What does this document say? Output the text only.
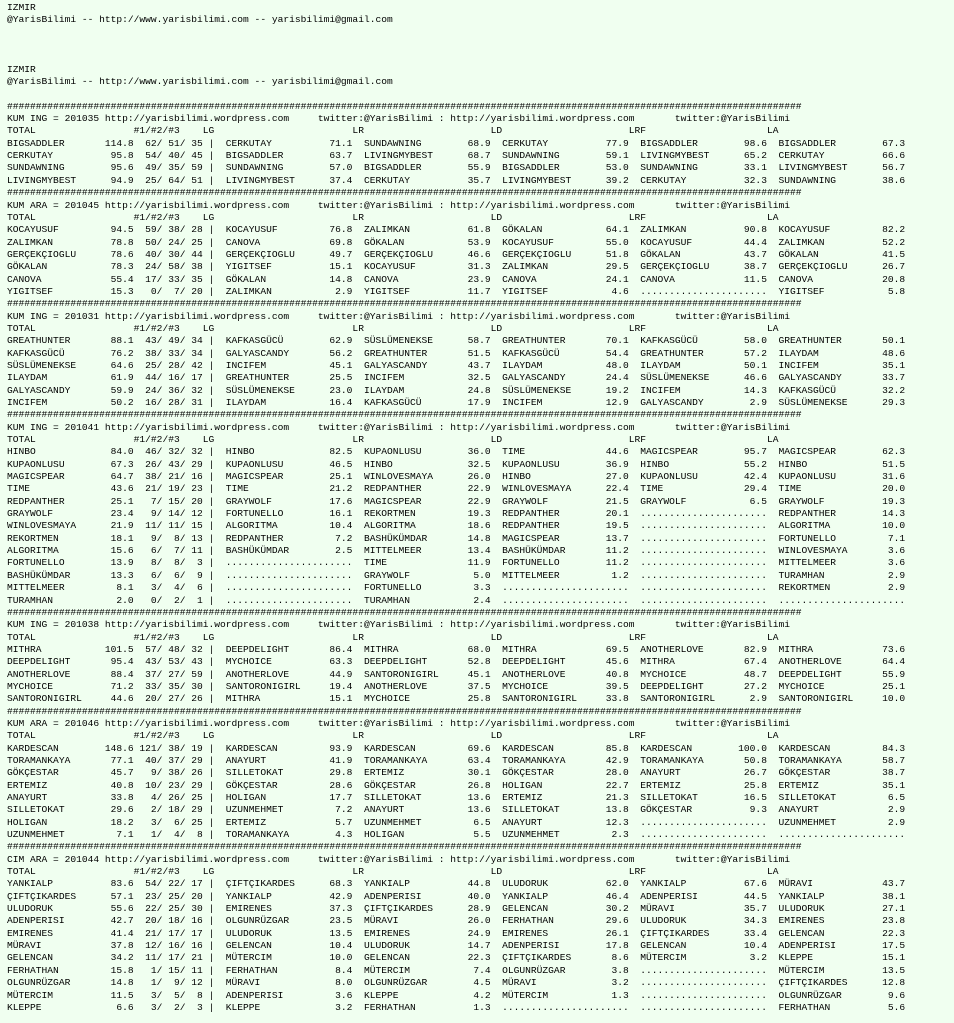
IZMIR
@YarisBilimi -- http://www.yarisbilimi.com -- yarisbilimi@gmail.com

IZMIR
@YarisBilimi -- http://www.yarisbilimi.com -- yarisbilimi@gmail.com

##########################################################################################################################################
KUM ING = 201035 http://yarisbilimi.wordpress.com     twitter:@YarisBilimi : http://yarisbilimi.wordpress.com       twitter:@YarisBilimi
TOTAL                 #1/#2/#3    LG                        LR                      LD                      LRF                     LA
BIGSADDLER       114.8  62/ 51/ 35 |  CERKUTAY          71.1  SUNDAWNING        68.9  CERKUTAY          77.9  BIGSADDLER        98.6  BIGSADDLER        67.3
CERKUTAY          95.8  54/ 40/ 45 |  BIGSADDLER        63.7  LIVINGMYBEST      68.7  SUNDAWNING        59.1  LIVINGMYBEST      65.2  CERKUTAY          66.6
SUNDAWNING        95.6  49/ 35/ 59 |  SUNDAWNING        57.0  BIGSADDLER        55.9  BIGSADDLER        53.0  SUNDAWNING        33.1  LIVINGMYBEST      56.7
LIVINGMYBEST      94.9  25/ 64/ 51 |  LIVINGMYBEST      37.4  CERKUTAY          35.7  LIVINGMYBEST      39.2  CERKUTAY          32.3  SUNDAWNING        38.6
##########################################################################################################################################
KUM ARA = 201045 http://yarisbilimi.wordpress.com     twitter:@YarisBilimi : http://yarisbilimi.wordpress.com       twitter:@YarisBilimi
TOTAL                 #1/#2/#3    LG                        LR                      LD                      LRF                     LA
KOCAYUSUF         94.5  59/ 38/ 28 |  KOCAYUSUF         76.8  ZALIMKAN          61.8  GÖKALAN           64.1  ZALIMKAN          90.8  KOCAYUSUF         82.2
ZALIMKAN          78.8  50/ 24/ 25 |  CANOVA            69.8  GÖKALAN           53.9  KOCAYUSUF         55.0  KOCAYUSUF         44.4  ZALIMKAN          52.2
GERÇEKÇIOGLU      78.6  40/ 30/ 44 |  GERÇEKÇIOGLU      49.7  GERÇEKÇIOGLU      46.6  GERÇEKÇIOGLU      51.8  GÖKALAN           43.7  GÖKALAN           41.5
GÖKALAN           78.3  24/ 58/ 38 |  YIGITSEF          15.1  KOCAYUSUF         31.3  ZALIMKAN          29.5  GERÇEKÇIOGLU      38.7  GERÇEKÇIOGLU      26.7
CANOVA            55.4  17/ 33/ 35 |  GÖKALAN           14.8  CANOVA            23.9  CANOVA            24.1  CANOVA            11.5  CANOVA            20.8
YIGITSEF          15.3   0/  7/ 20 |  ZALIMKAN           2.9  YIGITSEF          11.7  YIGITSEF           4.6  ......................  YIGITSEF           5.8
##########################################################################################################################################
KUM ING = 201031 http://yarisbilimi.wordpress.com     twitter:@YarisBilimi : http://yarisbilimi.wordpress.com       twitter:@YarisBilimi
TOTAL                 #1/#2/#3    LG                        LR                      LD                      LRF                     LA
GREATHUNTER       88.1  43/ 49/ 34 |  KAFKASGÜCÜ        62.9  SÜSLÜMENEKSE      58.7  GREATHUNTER       70.1  KAFKASGÜCÜ        58.0  GREATHUNTER       50.1
KAFKASGÜCÜ        76.2  38/ 33/ 34 |  GALYASCANDY       56.2  GREATHUNTER       51.5  KAFKASGÜCÜ        54.4  GREATHUNTER       57.2  ILAYDAM           48.6
SÜSLÜMENEKSE      64.6  25/ 28/ 42 |  INCIFEM           45.1  GALYASCANDY       43.7  ILAYDAM           48.0  ILAYDAM           50.1  INCIFEM           35.1
ILAYDAM           61.9  44/ 16/ 17 |  GREATHUNTER       25.5  INCIFEM           32.5  GALYASCANDY       24.4  SÜSLÜMENEKSE      46.6  GALYASCANDY       33.7
GALYASCANDY       59.9  24/ 36/ 32 |  SÜSLÜMENEKSE      23.0  ILAYDAM           24.8  SÜSLÜMENEKSE      19.2  INCIFEM           14.3  KAFKASGÜCÜ        32.2
INCIFEM           50.2  16/ 28/ 31 |  ILAYDAM           16.4  KAFKASGÜCÜ        17.9  INCIFEM           12.9  GALYASCANDY        2.9  SÜSLÜMENEKSE      29.3
##########################################################################################################################################
KUM ING = 201041 http://yarisbilimi.wordpress.com     twitter:@YarisBilimi : http://yarisbilimi.wordpress.com       twitter:@YarisBilimi
TOTAL                 #1/#2/#3    LG                        LR                      LD                      LRF                     LA
HINBO             84.0  46/ 32/ 32 |  HINBO             82.5  KUPAONLUSU        36.0  TIME              44.6  MAGICSPEAR        95.7  MAGICSPEAR        62.3
KUPAONLUSU        67.3  26/ 43/ 29 |  KUPAONLUSU        46.5  HINBO             32.5  KUPAONLUSU        36.9  HINBO             55.2  HINBO             51.5
MAGICSPEAR        64.7  38/ 21/ 16 |  MAGICSPEAR        25.1  WINLOVESMAYA      26.0  HINBO             27.0  KUPAONLUSU        42.4  KUPAONLUSU        31.6
TIME              43.6  21/ 19/ 23 |  TIME              21.2  REDPANTHER        22.9  WINLOVESMAYA      22.4  TIME              29.4  TIME              20.0
REDPANTHER        25.1   7/ 15/ 20 |  GRAYWOLF          17.6  MAGICSPEAR        22.9  GRAYWOLF          21.5  GRAYWOLF           6.5  GRAYWOLF          19.3
GRAYWOLF          23.4   9/ 14/ 12 |  FORTUNELLO        16.1  REKORTMEN         19.3  REDPANTHER        20.1  ......................  REDPANTHER        14.3
WINLOVESMAYA      21.9  11/ 11/ 15 |  ALGORITMA         10.4  ALGORITMA         18.6  REDPANTHER        19.5  ......................  ALGORITMA         10.0
REKORTMEN         18.1   9/  8/ 13 |  REDPANTHER         7.2  BASHÜKÜMDAR       14.8  MAGICSPEAR        13.7  ......................  FORTUNELLO         7.1
ALGORITMA         15.6   6/  7/ 11 |  BASHÜKÜMDAR        2.5  MITTELMEER        13.4  BASHÜKÜMDAR       11.2  ......................  WINLOVESMAYA       3.6
FORTUNELLO        13.9   8/  8/  3 |  ......................  TIME              11.9  FORTUNELLO        11.2  ......................  MITTELMEER         3.6
BASHÜKÜMDAR       13.3   6/  6/  9 |  ......................  GRAYWOLF           5.0  MITTELMEER         1.2  ......................  TURAMHAN           2.9
MITTELMEER         8.1   3/  4/  6 |  ......................  FORTUNELLO         3.3  ......................  ......................  REKORTMEN          2.9
TURAMHAN           2.0   0/  2/  1 |  ......................  TURAMHAN           2.4  ......................  ......................  ......................
##########################################################################################################################################
KUM ING = 201038 http://yarisbilimi.wordpress.com     twitter:@YarisBilimi : http://yarisbilimi.wordpress.com       twitter:@YarisBilimi
TOTAL                 #1/#2/#3    LG                        LR                      LD                      LRF                     LA
MITHRA           101.5  57/ 48/ 32 |  DEEPDELIGHT       86.4  MITHRA            68.0  MITHRA            69.5  ANOTHERLOVE       82.9  MITHRA            73.6
DEEPDELIGHT       95.4  43/ 53/ 43 |  MYCHOICE          63.3  DEEPDELIGHT       52.8  DEEPDELIGHT       45.6  MITHRA            67.4  ANOTHERLOVE       64.4
ANOTHERLOVE       88.4  37/ 27/ 59 |  ANOTHERLOVE       44.9  SANTORONIGIRL     45.1  ANOTHERLOVE       40.8  MYCHOICE          48.7  DEEPDELIGHT       55.9
MYCHOICE          71.2  33/ 35/ 30 |  SANTORONIGIRL     19.4  ANOTHERLOVE       37.5  MYCHOICE          39.5  DEEPDELIGHT       27.2  MYCHOICE          25.1
SANTORONIGIRL     44.6  20/ 27/ 26 |  MITHRA            15.1  MYCHOICE          25.8  SANTORONIGIRL     33.8  SANTORONIGIRL      2.9  SANTORONIGIRL     10.0
##########################################################################################################################################
KUM ARA = 201046 http://yarisbilimi.wordpress.com     twitter:@YarisBilimi : http://yarisbilimi.wordpress.com       twitter:@YarisBilimi
TOTAL                 #1/#2/#3    LG                        LR                      LD                      LRF                     LA
KARDESCAN        148.6 121/ 38/ 19 |  KARDESCAN         93.9  KARDESCAN         69.6  KARDESCAN         85.8  KARDESCAN        100.0  KARDESCAN         84.3
TORAMANKAYA       77.1  40/ 37/ 29 |  ANAYURT           41.9  TORAMANKAYA       63.4  TORAMANKAYA       42.9  TORAMANKAYA       50.8  TORAMANKAYA       58.7
GÖKÇESTAR         45.7   9/ 38/ 26 |  SILLETOKAT        29.8  ERTEMIZ           30.1  GÖKÇESTAR         28.0  ANAYURT           26.7  GÖKÇESTAR         38.7
ERTEMIZ           40.8  10/ 23/ 29 |  GÖKÇESTAR         28.6  GÖKÇESTAR         26.8  HOLIGAN           22.7  ERTEMIZ           25.8  ERTEMIZ           35.1
ANAYURT           33.8   4/ 26/ 25 |  HOLIGAN           17.7  SILLETOKAT        13.6  ERTEMIZ           21.3  SILLETOKAT        16.5  SILLETOKAT         6.5
SILLETOKAT        29.6   2/ 18/ 29 |  UZUNMEHMET         7.2  ANAYURT           13.6  SILLETOKAT        13.8  GÖKÇESTAR          9.3  ANAYURT            2.9
HOLIGAN           18.2   3/  6/ 25 |  ERTEMIZ            5.7  UZUNMEHMET         6.5  ANAYURT           12.3  ......................  UZUNMEHMET         2.9
UZUNMEHMET         7.1   1/  4/  8 |  TORAMANKAYA        4.3  HOLIGAN            5.5  UZUNMEHMET         2.3  ......................  ......................
##########################################################################################################################################
CIM ARA = 201044 http://yarisbilimi.wordpress.com     twitter:@YarisBilimi : http://yarisbilimi.wordpress.com       twitter:@YarisBilimi
TOTAL                 #1/#2/#3    LG                        LR                      LD                      LRF                     LA
YANKIALP          83.6  54/ 22/ 17 |  ÇIFTÇIKARDES      68.3  YANKIALP          44.8  ULUDORUK          62.0  YANKIALP          67.6  MÜRAVI            43.7
ÇIFTÇIKARDES      57.1  23/ 25/ 20 |  YANKIALP          42.9  ADENPERISI        40.0  YANKIALP          46.4  ADENPERISI        44.5  YANKIALP          38.1
ULUDORUK          55.6  22/ 25/ 30 |  EMIRENES          37.3  ÇIFTÇIKARDES      28.9  GELENCAN          30.2  MÜRAVI            35.7  ULUDORUK          27.1
ADENPERISI        42.7  20/ 18/ 16 |  OLGUNRÜZGAR       23.5  MÜRAVI            26.0  FERHATHAN         29.6  ULUDORUK          34.3  EMIRENES          23.8
EMIRENES          41.4  21/ 17/ 17 |  ULUDORUK          13.5  EMIRENES          24.9  EMIRENES          26.1  ÇIFTÇIKARDES      33.4  GELENCAN          22.3
MÜRAVI            37.8  12/ 16/ 16 |  GELENCAN          10.4  ULUDORUK          14.7  ADENPERISI        17.8  GELENCAN          10.4  ADENPERISI        17.5
GELENCAN          34.2  11/ 17/ 21 |  MÜTERCIM          10.0  GELENCAN          22.3  ÇIFTÇIKARDES       8.6  MÜTERCIM           3.2  KLEPPE            15.1
FERHATHAN         15.8   1/ 15/ 11 |  FERHATHAN          8.4  MÜTERCIM           7.4  OLGUNRÜZGAR        3.8  ......................  MÜTERCIM          13.5
OLGUNRÜZGAR       14.8   1/  9/ 12 |  MÜRAVI             8.0  OLGUNRÜZGAR        4.5  MÜRAVI             3.2  ......................  ÇIFTÇIKARDES      12.8
MÜTERCIM          11.5   3/  5/  8 |  ADENPERISI         3.6  KLEPPE             4.2  MÜTERCIM           1.3  ......................  OLGUNRÜZGAR        9.6
KLEPPE             6.6   3/  2/  3 |  KLEPPE             3.2  FERHATHAN          1.3  ......................  ......................  FERHATHAN          5.6
